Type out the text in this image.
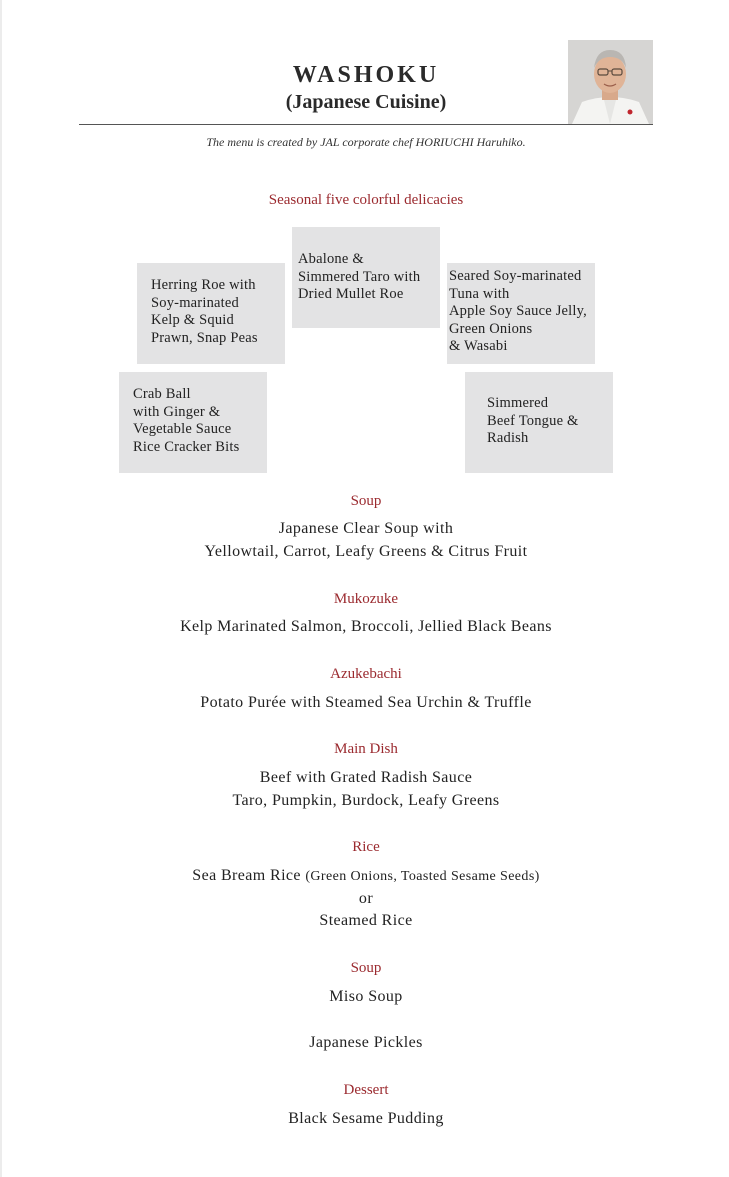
WASHOKU
(Japanese Cuisine)
The menu is created by JAL corporate chef HORIUCHI Haruhiko.
Seasonal five colorful delicacies
Abalone &
Simmered Taro with
Dried Mullet Roe
Herring Roe with
Soy-marinated
Kelp & Squid
Prawn, Snap Peas
Seared Soy-marinated
Tuna with
Apple Soy Sauce Jelly,
Green Onions
& Wasabi
Crab Ball
with Ginger &
Vegetable Sauce
Rice Cracker Bits
Simmered
Beef Tongue &
Radish
Soup
Japanese Clear Soup with
Yellowtail, Carrot, Leafy Greens & Citrus Fruit
Mukozuke
Kelp Marinated Salmon, Broccoli, Jellied Black Beans
Azukebachi
Potato Purée with Steamed Sea Urchin & Truffle
Main Dish
Beef with Grated Radish Sauce
Taro, Pumpkin, Burdock, Leafy Greens
Rice
Sea Bream Rice (Green Onions, Toasted Sesame Seeds)
or
Steamed Rice
Soup
Miso Soup
Japanese Pickles
Dessert
Black Sesame Pudding
